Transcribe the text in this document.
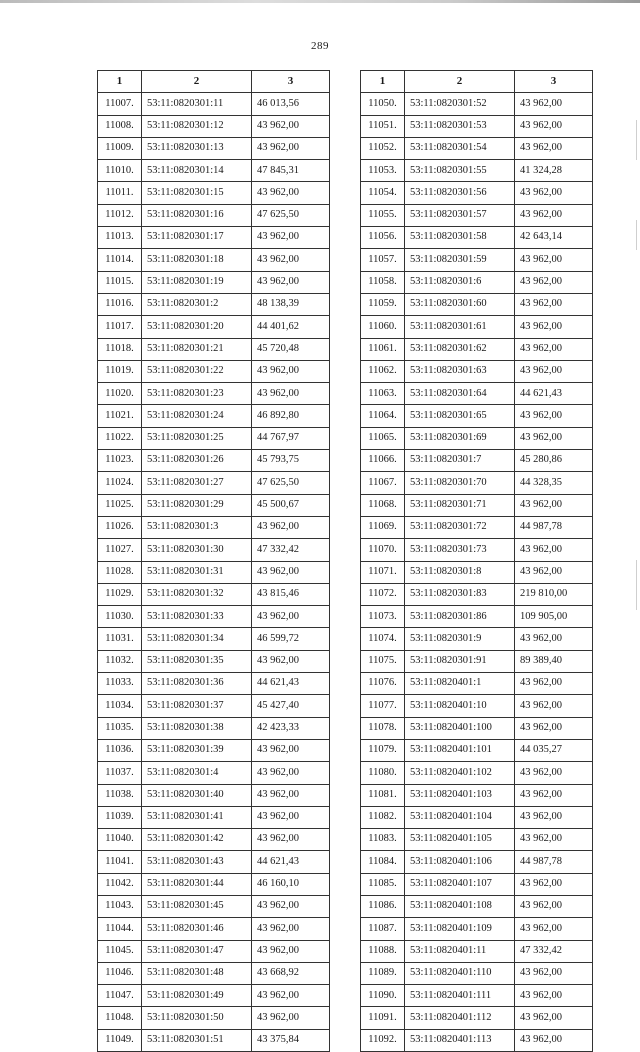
289
1	2	3
11007.	53:11:0820301:11	46 013,56
11008.	53:11:0820301:12	43 962,00
11009.	53:11:0820301:13	43 962,00
11010.	53:11:0820301:14	47 845,31
11011.	53:11:0820301:15	43 962,00
11012.	53:11:0820301:16	47 625,50
11013.	53:11:0820301:17	43 962,00
11014.	53:11:0820301:18	43 962,00
11015.	53:11:0820301:19	43 962,00
11016.	53:11:0820301:2	48 138,39
11017.	53:11:0820301:20	44 401,62
11018.	53:11:0820301:21	45 720,48
11019.	53:11:0820301:22	43 962,00
11020.	53:11:0820301:23	43 962,00
11021.	53:11:0820301:24	46 892,80
11022.	53:11:0820301:25	44 767,97
11023.	53:11:0820301:26	45 793,75
11024.	53:11:0820301:27	47 625,50
11025.	53:11:0820301:29	45 500,67
11026.	53:11:0820301:3	43 962,00
11027.	53:11:0820301:30	47 332,42
11028.	53:11:0820301:31	43 962,00
11029.	53:11:0820301:32	43 815,46
11030.	53:11:0820301:33	43 962,00
11031.	53:11:0820301:34	46 599,72
11032.	53:11:0820301:35	43 962,00
11033.	53:11:0820301:36	44 621,43
11034.	53:11:0820301:37	45 427,40
11035.	53:11:0820301:38	42 423,33
11036.	53:11:0820301:39	43 962,00
11037.	53:11:0820301:4	43 962,00
11038.	53:11:0820301:40	43 962,00
11039.	53:11:0820301:41	43 962,00
11040.	53:11:0820301:42	43 962,00
11041.	53:11:0820301:43	44 621,43
11042.	53:11:0820301:44	46 160,10
11043.	53:11:0820301:45	43 962,00
11044.	53:11:0820301:46	43 962,00
11045.	53:11:0820301:47	43 962,00
11046.	53:11:0820301:48	43 668,92
11047.	53:11:0820301:49	43 962,00
11048.	53:11:0820301:50	43 962,00
11049.	53:11:0820301:51	43 375,84
1	2	3
11050.	53:11:0820301:52	43 962,00
11051.	53:11:0820301:53	43 962,00
11052.	53:11:0820301:54	43 962,00
11053.	53:11:0820301:55	41 324,28
11054.	53:11:0820301:56	43 962,00
11055.	53:11:0820301:57	43 962,00
11056.	53:11:0820301:58	42 643,14
11057.	53:11:0820301:59	43 962,00
11058.	53:11:0820301:6	43 962,00
11059.	53:11:0820301:60	43 962,00
11060.	53:11:0820301:61	43 962,00
11061.	53:11:0820301:62	43 962,00
11062.	53:11:0820301:63	43 962,00
11063.	53:11:0820301:64	44 621,43
11064.	53:11:0820301:65	43 962,00
11065.	53:11:0820301:69	43 962,00
11066.	53:11:0820301:7	45 280,86
11067.	53:11:0820301:70	44 328,35
11068.	53:11:0820301:71	43 962,00
11069.	53:11:0820301:72	44 987,78
11070.	53:11:0820301:73	43 962,00
11071.	53:11:0820301:8	43 962,00
11072.	53:11:0820301:83	219 810,00
11073.	53:11:0820301:86	109 905,00
11074.	53:11:0820301:9	43 962,00
11075.	53:11:0820301:91	89 389,40
11076.	53:11:0820401:1	43 962,00
11077.	53:11:0820401:10	43 962,00
11078.	53:11:0820401:100	43 962,00
11079.	53:11:0820401:101	44 035,27
11080.	53:11:0820401:102	43 962,00
11081.	53:11:0820401:103	43 962,00
11082.	53:11:0820401:104	43 962,00
11083.	53:11:0820401:105	43 962,00
11084.	53:11:0820401:106	44 987,78
11085.	53:11:0820401:107	43 962,00
11086.	53:11:0820401:108	43 962,00
11087.	53:11:0820401:109	43 962,00
11088.	53:11:0820401:11	47 332,42
11089.	53:11:0820401:110	43 962,00
11090.	53:11:0820401:111	43 962,00
11091.	53:11:0820401:112	43 962,00
11092.	53:11:0820401:113	43 962,00
